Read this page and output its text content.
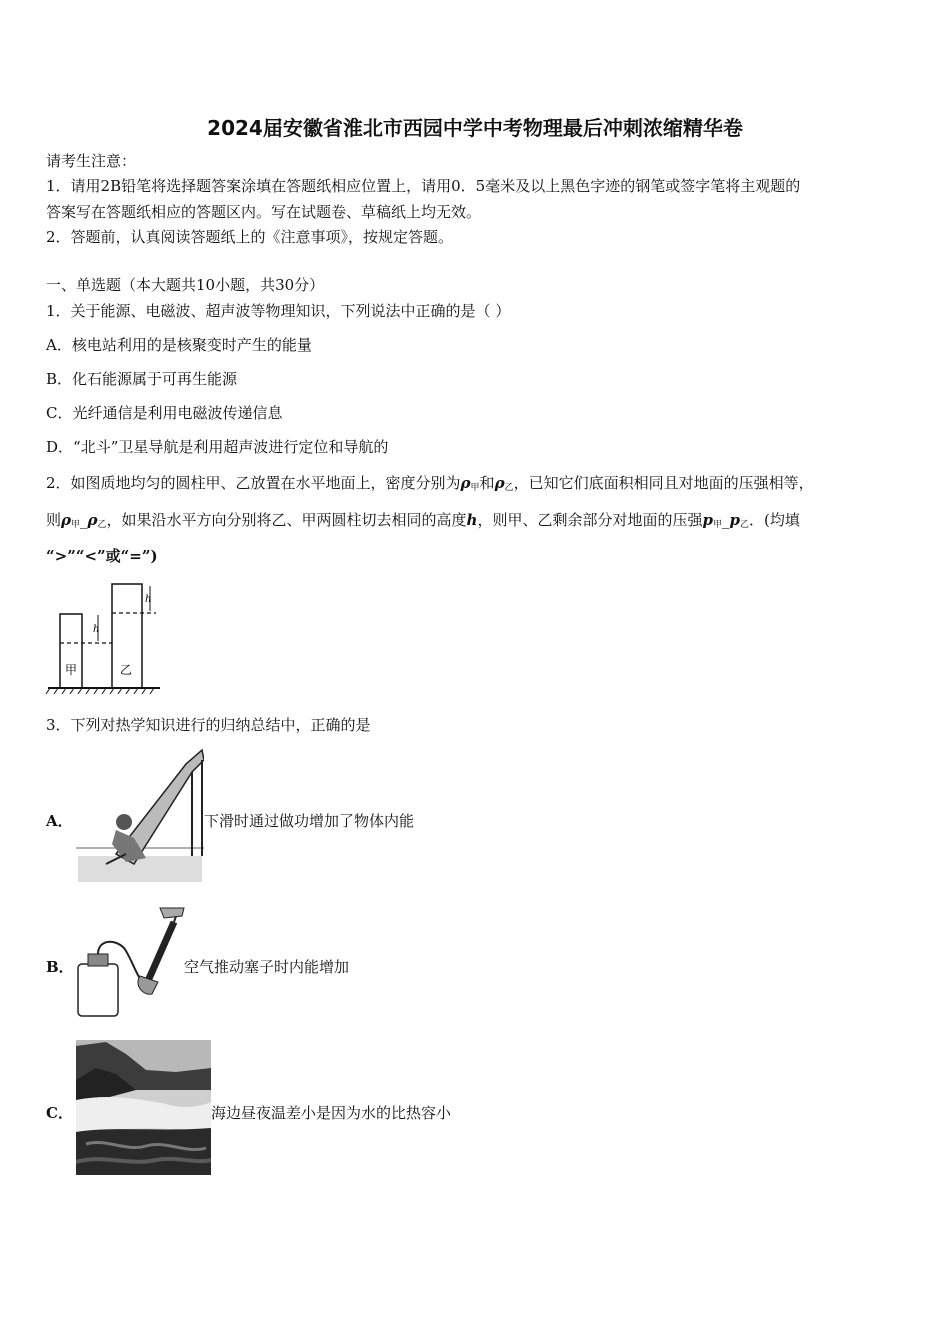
2024届安徽省淮北市西园中学中考物理最后冲刺浓缩精华卷
请考生注意：
1．请用2B铅笔将选择题答案涂填在答题纸相应位置上，请用0．5毫米及以上黑色字迹的钢笔或签字笔将主观题的
答案写在答题纸相应的答题区内。写在试题卷、草稿纸上均无效。
2．答题前，认真阅读答题纸上的《注意事项》，按规定答题。
一、单选题（本大题共10小题，共30分）
1．关于能源、电磁波、超声波等物理知识，下列说法中正确的是（ ）
A．核电站利用的是核聚变时产生的能量
B．化石能源属于可再生能源
C．光纤通信是利用电磁波传递信息
D．“北斗”卫星导航是利用超声波进行定位和导航的
2．如图质地均匀的圆柱甲、乙放置在水平地面上，密度分别为$\rho_甲$和$\rho_乙$，已知它们底面积相同且对地面的压强相等，
则$\rho_甲\_\rho_乙$，如果沿水平方向分别将乙、甲两圆柱切去相同的高度h，则甲、乙剩余部分对地面的压强$p_甲\_p_乙$．(均填
“>”“<”或“=”)
h
h
甲	乙
3．下列对热学知识进行的归纳总结中，正确的是
A．	下滑时通过做功增加了物体内能
B．	空气推动塞子时内能增加
C．	海边昼夜温差小是因为水的比热容小
